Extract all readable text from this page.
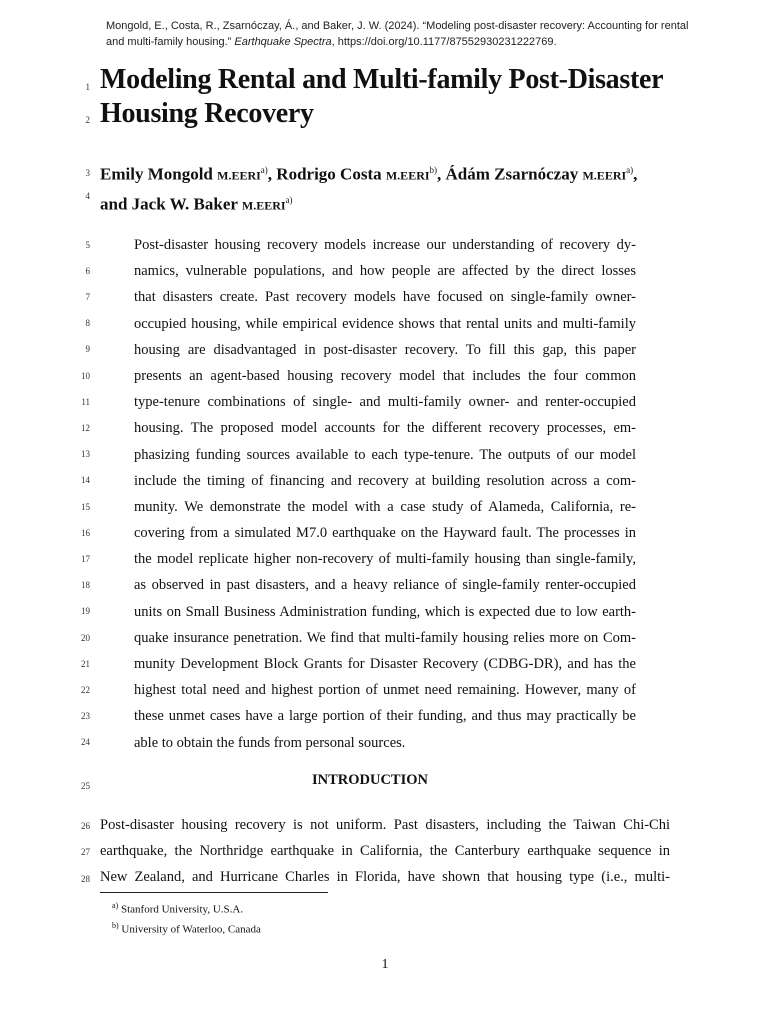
Mongold, E., Costa, R., Zsarnóczay, Á., and Baker, J. W. (2024). “Modeling post-disaster recovery: Accounting for rental and multi-family housing.” Earthquake Spectra, https://doi.org/10.1177/87552930231222769.
1
2
3
4
5
6
7
8
9
10
11
12
13
14
15
16
17
18
19
20
21
22
23
24
25
26
27
28
Modeling Rental and Multi-family Post-Disaster
Housing Recovery
Emily Mongold M.EERI$^{a)}$, Rodrigo Costa M.EERI$^{b)}$, Ádám Zsarnóczay M.EERI$^{a)}$,
and Jack W. Baker M.EERI$^{a)}$
Post-disaster housing recovery models increase our understanding of recovery dy-
namics, vulnerable populations, and how people are affected by the direct losses
that disasters create. Past recovery models have focused on single-family owner-
occupied housing, while empirical evidence shows that rental units and multi-family
housing are disadvantaged in post-disaster recovery. To fill this gap, this paper
presents an agent-based housing recovery model that includes the four common
type-tenure combinations of single- and multi-family owner- and renter-occupied
housing. The proposed model accounts for the different recovery processes, em-
phasizing funding sources available to each type-tenure. The outputs of our model
include the timing of financing and recovery at building resolution across a com-
munity. We demonstrate the model with a case study of Alameda, California, re-
covering from a simulated M7.0 earthquake on the Hayward fault. The processes in
the model replicate higher non-recovery of multi-family housing than single-family,
as observed in past disasters, and a heavy reliance of single-family renter-occupied
units on Small Business Administration funding, which is expected due to low earth-
quake insurance penetration. We find that multi-family housing relies more on Com-
munity Development Block Grants for Disaster Recovery (CDBG-DR), and has the
highest total need and highest portion of unmet need remaining. However, many of
these unmet cases have a large portion of their funding, and thus may practically be
able to obtain the funds from personal sources.
INTRODUCTION
Post-disaster housing recovery is not uniform. Past disasters, including the Taiwan Chi-Chi
earthquake, the Northridge earthquake in California, the Canterbury earthquake sequence in
New Zealand, and Hurricane Charles in Florida, have shown that housing type (i.e., multi-
$^{a)}$ Stanford University, U.S.A.
$^{b)}$ University of Waterloo, Canada
1
